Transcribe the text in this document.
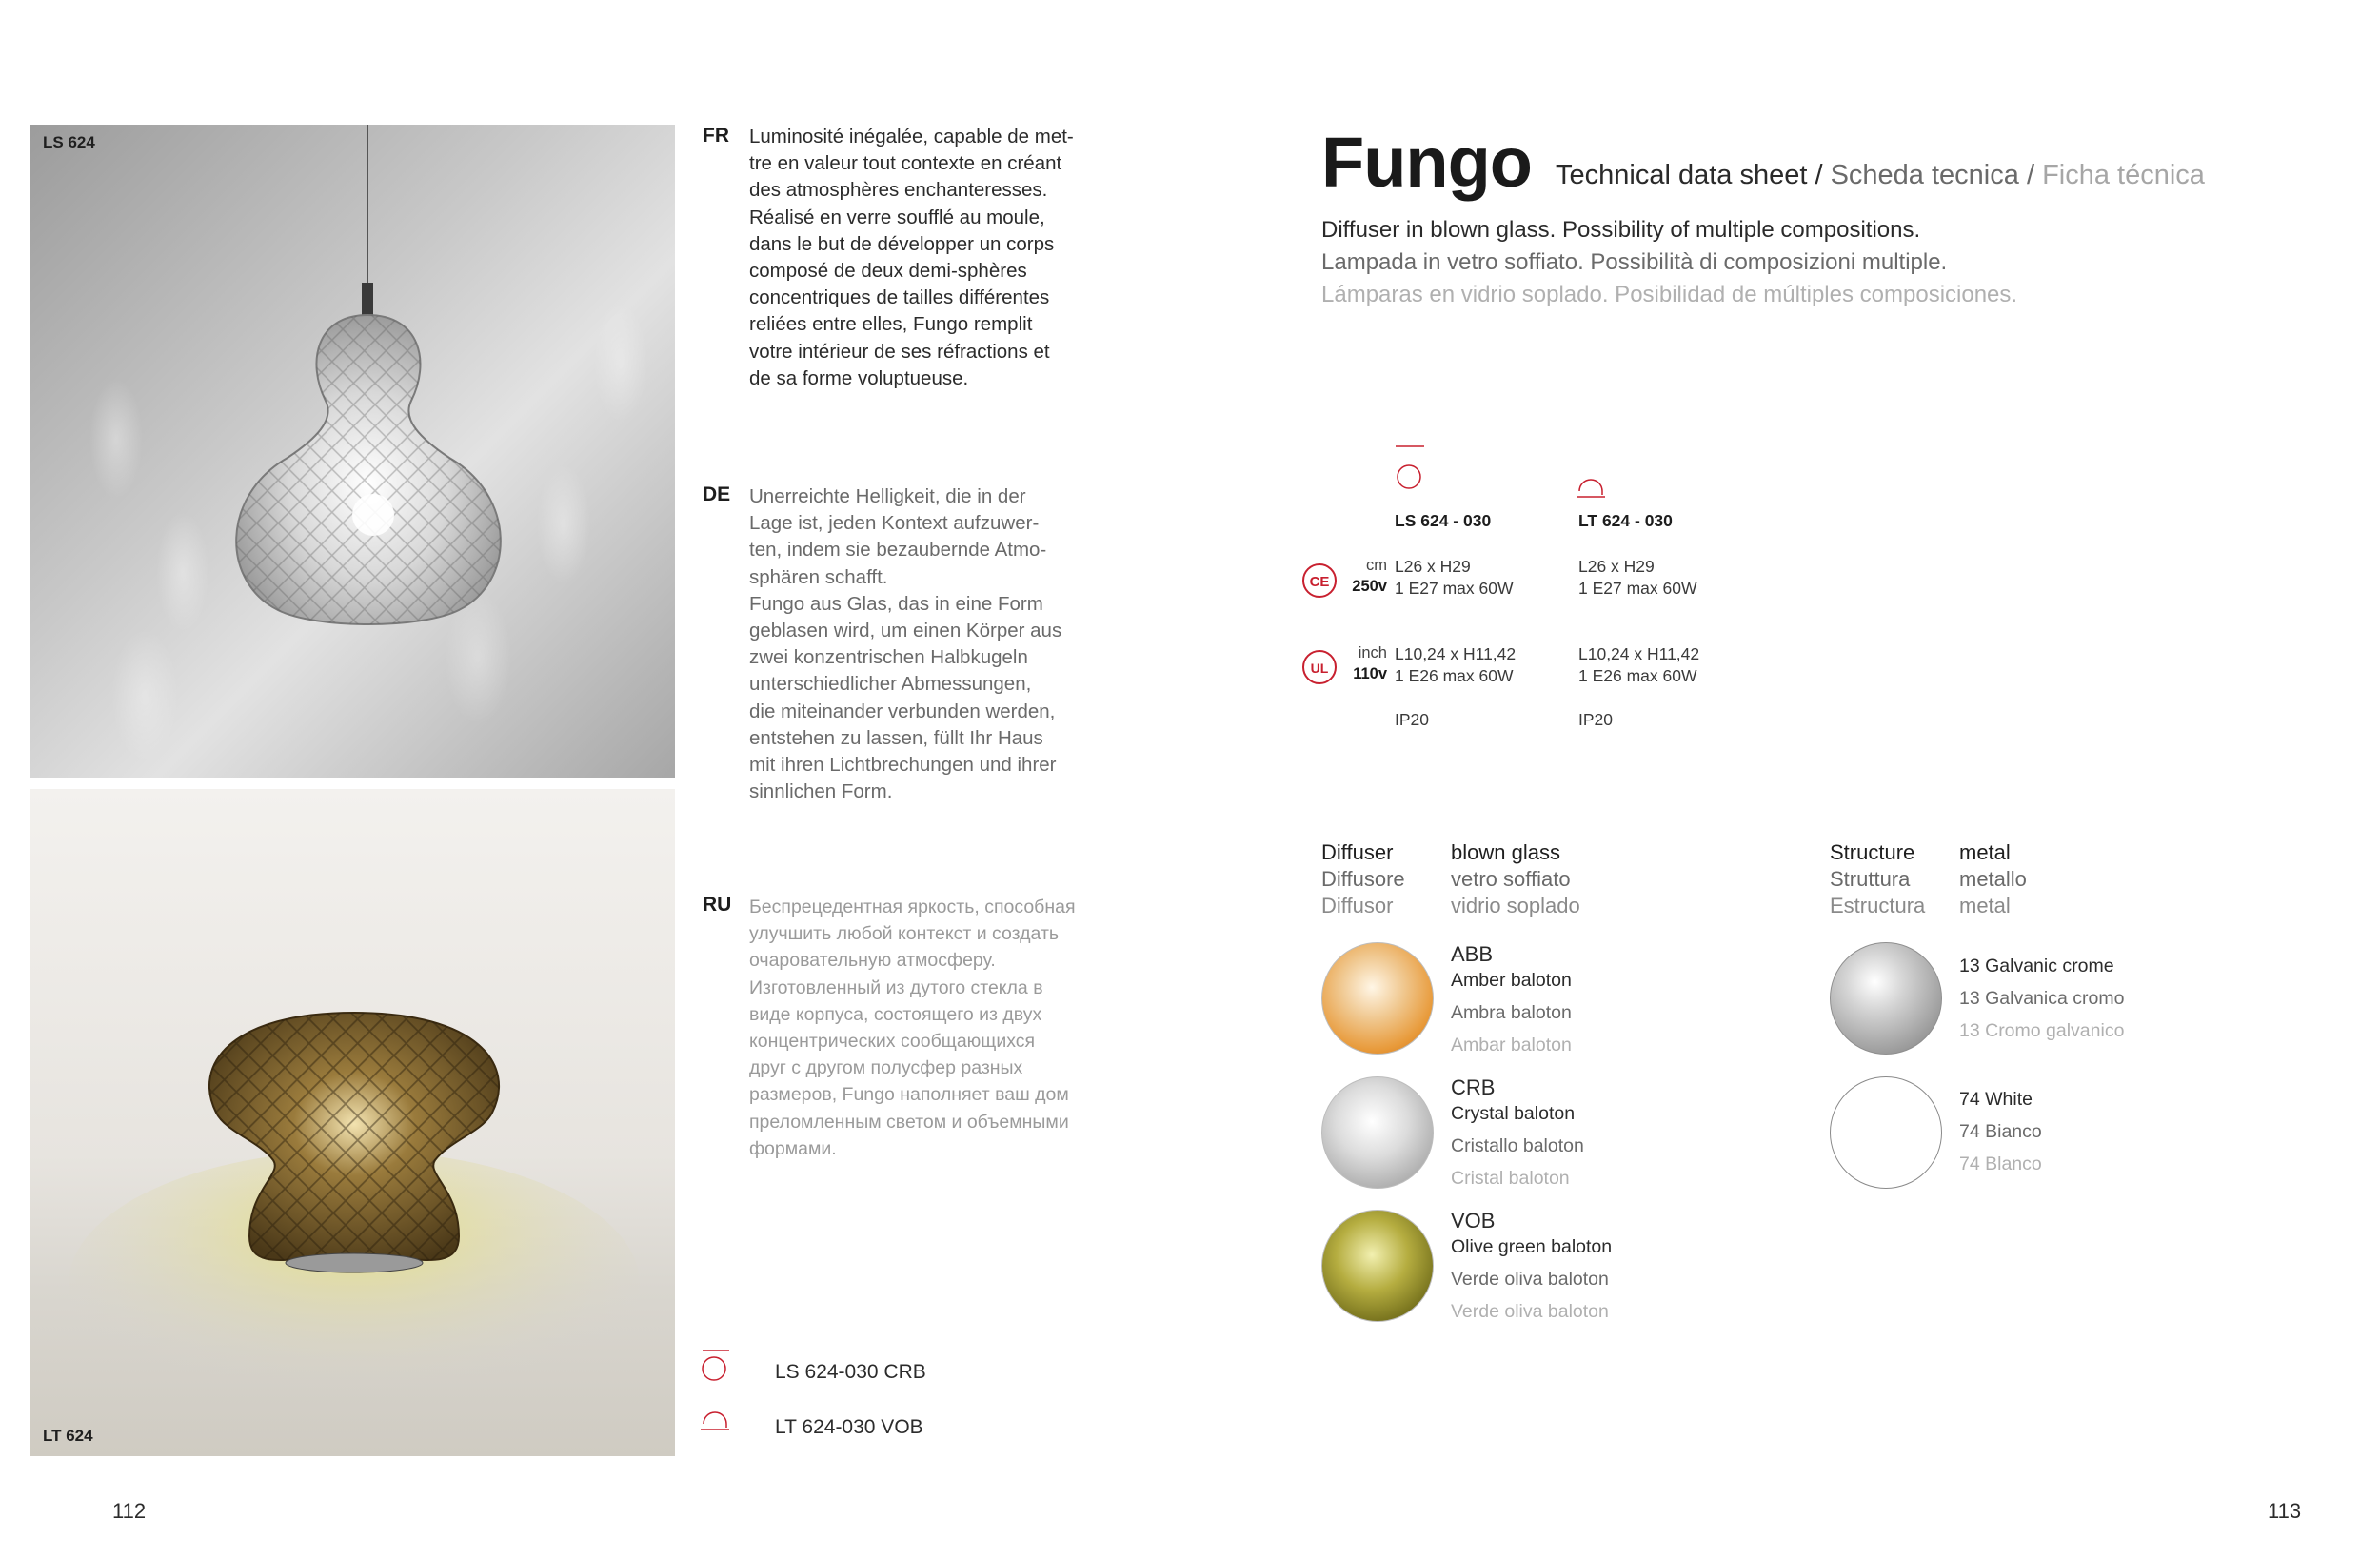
LS 624
LT 624
FR Luminosité inégalée, capable de met-
tre en valeur tout contexte en créant
des atmosphères enchanteresses.
Réalisé en verre soufflé au moule,
dans le but de développer un corps
composé de deux demi-sphères
concentriques de tailles différentes
reliées entre elles, Fungo remplit
votre intérieur de ses réfractions et
de sa forme voluptueuse.
DE Unerreichte Helligkeit, die in der
Lage ist, jeden Kontext aufzuwer-
ten, indem sie bezaubernde Atmo-
sphären schafft.
Fungo aus Glas, das in eine Form
geblasen wird, um einen Körper aus
zwei konzentrischen Halbkugeln
unterschiedlicher Abmessungen,
die miteinander verbunden werden,
entstehen zu lassen, füllt Ihr Haus
mit ihren Lichtbrechungen und ihrer
sinnlichen Form.
RU Беспрецедентная яркость, способная
улучшить любой контекст и создать
очаровательную атмосферу.
Изготовленный из дутого стекла в
виде корпуса, состоящего из двух
концентрических сообщающихся
друг с другом полусфер разных
размеров, Fungo наполняет ваш дом
преломленным светом и объемными
формами.
LS 624-030 CRB
LT 624-030 VOB
112
Fungo Technical data sheet / Scheda tecnica / Ficha técnica
Diffuser in blown glass. Possibility of multiple compositions.
Lampada in vetro soffiato. Possibilità di composizioni multiple.
Lámparas en vidrio soplado. Posibilidad de múltiples composiciones.
LS 624 - 030	LT 624 - 030
CE
cm
250v
L26 x H29
1 E27 max 60W
L26 x H29
1 E27 max 60W
UL
inch
110v
L10,24 x H11,42
1 E26 max 60W
L10,24 x H11,42
1 E26 max 60W
IP20	IP20
Diffuser
Diffusore
Diffusor
blown glass
vetro soffiato
vidrio soplado
ABB
Amber baloton
Ambra baloton
Ambar baloton
CRB
Crystal baloton
Cristallo baloton
Cristal baloton
VOB
Olive green baloton
Verde oliva baloton
Verde oliva baloton
Structure
Struttura
Estructura
metal
metallo
metal
13 Galvanic crome
13 Galvanica cromo
13 Cromo galvanico
74 White
74 Bianco
74 Blanco
113
